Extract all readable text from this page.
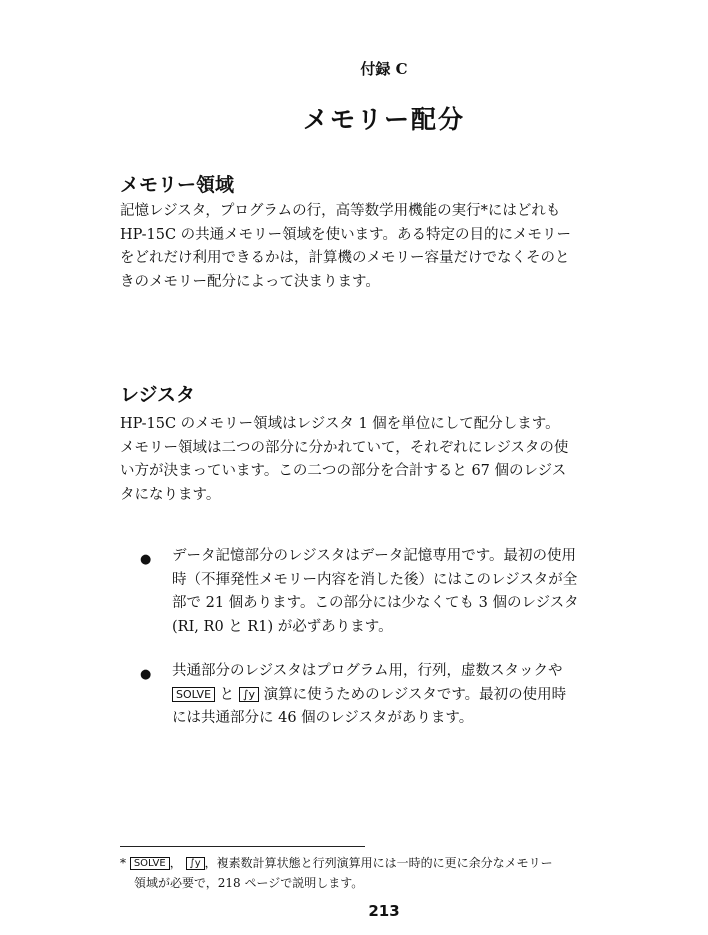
付録 C
メモリー配分
メモリー領域

記憶レジスタ，プログラムの行，高等数学用機能の実行*にはどれも

HP-15C の共通メモリー領域を使います。ある特定の目的にメモリー

をどれだけ利用できるかは，計算機のメモリー容量だけでなくそのと

きのメモリー配分によって決まります。

レジスタ

HP-15C のメモリー領域はレジスタ 1 個を単位にして配分します。

メモリー領域は二つの部分に分かれていて，それぞれにレジスタの使

い方が決まっています。この二つの部分を合計すると 67 個のレジス

タになります。

● データ記憶部分のレジスタはデータ記憶専用です。最初の使用
時（不揮発性メモリー内容を消した後）にはこのレジスタが全
部で 21 個あります。この部分には少なくても 3 個のレジスタ
(RI, R0 と R1) が必ずあります。
● 共通部分のレジスタはプログラム用，行列，虚数スタックや
SOLVE と ∫y 演算に使うためのレジスタです。最初の使用時
には共通部分に 46 個のレジスタがあります。
* SOLVE ， ∫y ，複素数計算状態と行列演算用には一時的に更に余分なメモリー
領域が必要で，218 ページで説明します。
213
